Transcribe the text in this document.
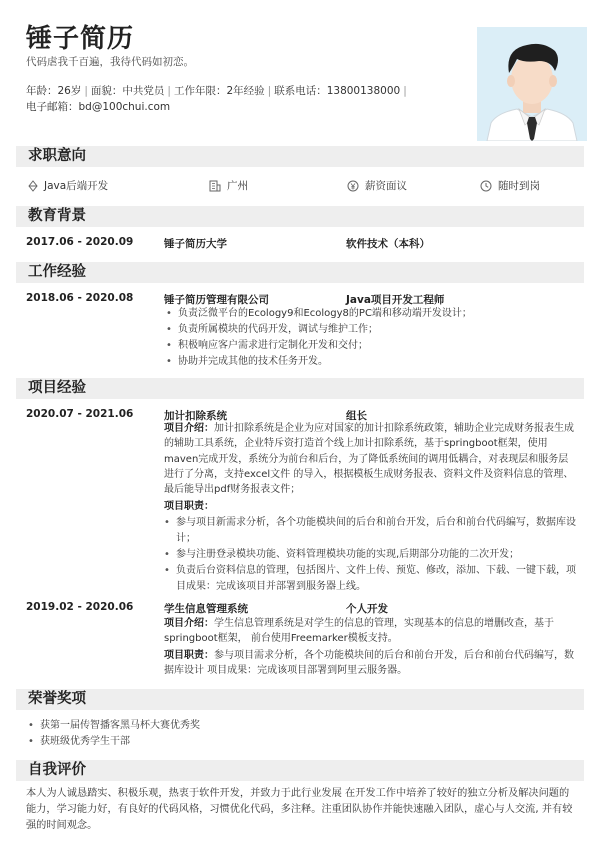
锤子简历
代码虐我千百遍，我待代码如初恋。
年龄：26岁 | 面貌：中共党员 | 工作年限：2年经验 | 联系电话：13800138000 |
电子邮箱：bd@100chui.com
求职意向
Java后端开发	广州	薪资面议	随时到岗
教育背景
2017.06 - 2020.09	锤子简历大学	软件技术（本科）
工作经验
2018.06 - 2020.08	锤子简历管理有限公司	Java项目开发工程师
• 负责泛微平台的Ecology9和Ecology8的PC端和移动端开发设计；
• 负责所属模块的代码开发，调试与维护工作；
• 积极响应客户需求进行定制化开发和交付；
• 协助并完成其他的技术任务开发。
项目经验
2020.07 - 2021.06	加计扣除系统	组长
项目介绍：加计扣除系统是企业为应对国家的加计扣除系统政策，辅助企业完成财务报表生成的辅助工具系统，企业特斥资打造首个线上加计扣除系统，基于springboot框架，使用maven完成开发，系统分为前台和后台，为了降低系统间的调用低耦合，对表现层和服务层进行了分离，支持excel文件 的导入，根据模板生成财务报表、资料文件及资料信息的管理、最后能导出pdf财务报表文件；
项目职责：
• 参与项目新需求分析，各个功能模块间的后台和前台开发，后台和前台代码编写，数据库设计；
• 参与注册登录模块功能、资料管理模块功能的实现,后期部分功能的二次开发；
• 负责后台资料信息的管理，包括图片、文件上传、预览、修改，添加、下载、一键下载，项目成果：完成该项目并部署到服务器上线。
2019.02 - 2020.06	学生信息管理系统	个人开发
项目介绍：学生信息管理系统是对学生的信息的管理，实现基本的信息的增删改查，基于springboot框架， 前台使用Freemarker模板支持。
项目职责：参与项目需求分析，各个功能模块间的后台和前台开发，后台和前台代码编写，数据库设计 项目成果：完成该项目部署到阿里云服务器。
荣誉奖项
• 获第一届传智播客黑马杯大赛优秀奖
• 获班级优秀学生干部
自我评价
本人为人诚恳踏实、积极乐观，热衷于软件开发，并致力于此行业发展 在开发工作中培养了较好的独立分析及解决问题的能力，学习能力好，有良好的代码风格，习惯优化代码，多注释。注重团队协作并能快速融入团队，虚心与人交流, 并有较强的时间观念。
